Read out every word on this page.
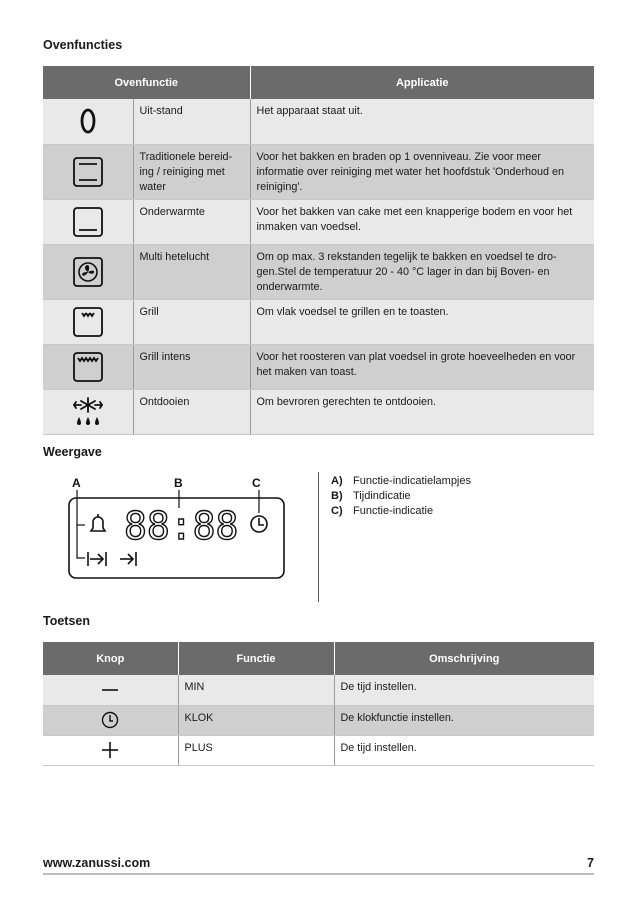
Ovenfuncties
Ovenfunctie		Applicatie
	Uit-stand	Het apparaat staat uit.
	Traditionele bereid-ing / reiniging met water	Voor het bakken en braden op 1 ovenniveau. Zie voor meer informatie over reiniging met water het hoofdstuk 'Onderhoud en reiniging'.
	Onderwarmte	Voor het bakken van cake met een knapperige bodem en voor het inmaken van voedsel.
	Multi hetelucht	Om op max. 3 rekstanden tegelijk te bakken en voedsel te dro-gen.Stel de temperatuur 20 - 40 °C lager in dan bij Boven- en onderwarmte.
	Grill	Om vlak voedsel te grillen en te toasten.
	Grill intens	Voor het roosteren van plat voedsel in grote hoeveelheden en voor het maken van toast.
	Ontdooien	Om bevroren gerechten te ontdooien.
Weergave
A	B	C
88:88
A) Functie-indicatielampjes
B) Tijdindicatie
C) Functie-indicatie
Toetsen
Knop	Functie	Omschrijving
	MIN	De tijd instellen.
	KLOK	De klokfunctie instellen.
	PLUS	De tijd instellen.
www.zanussi.com	7
